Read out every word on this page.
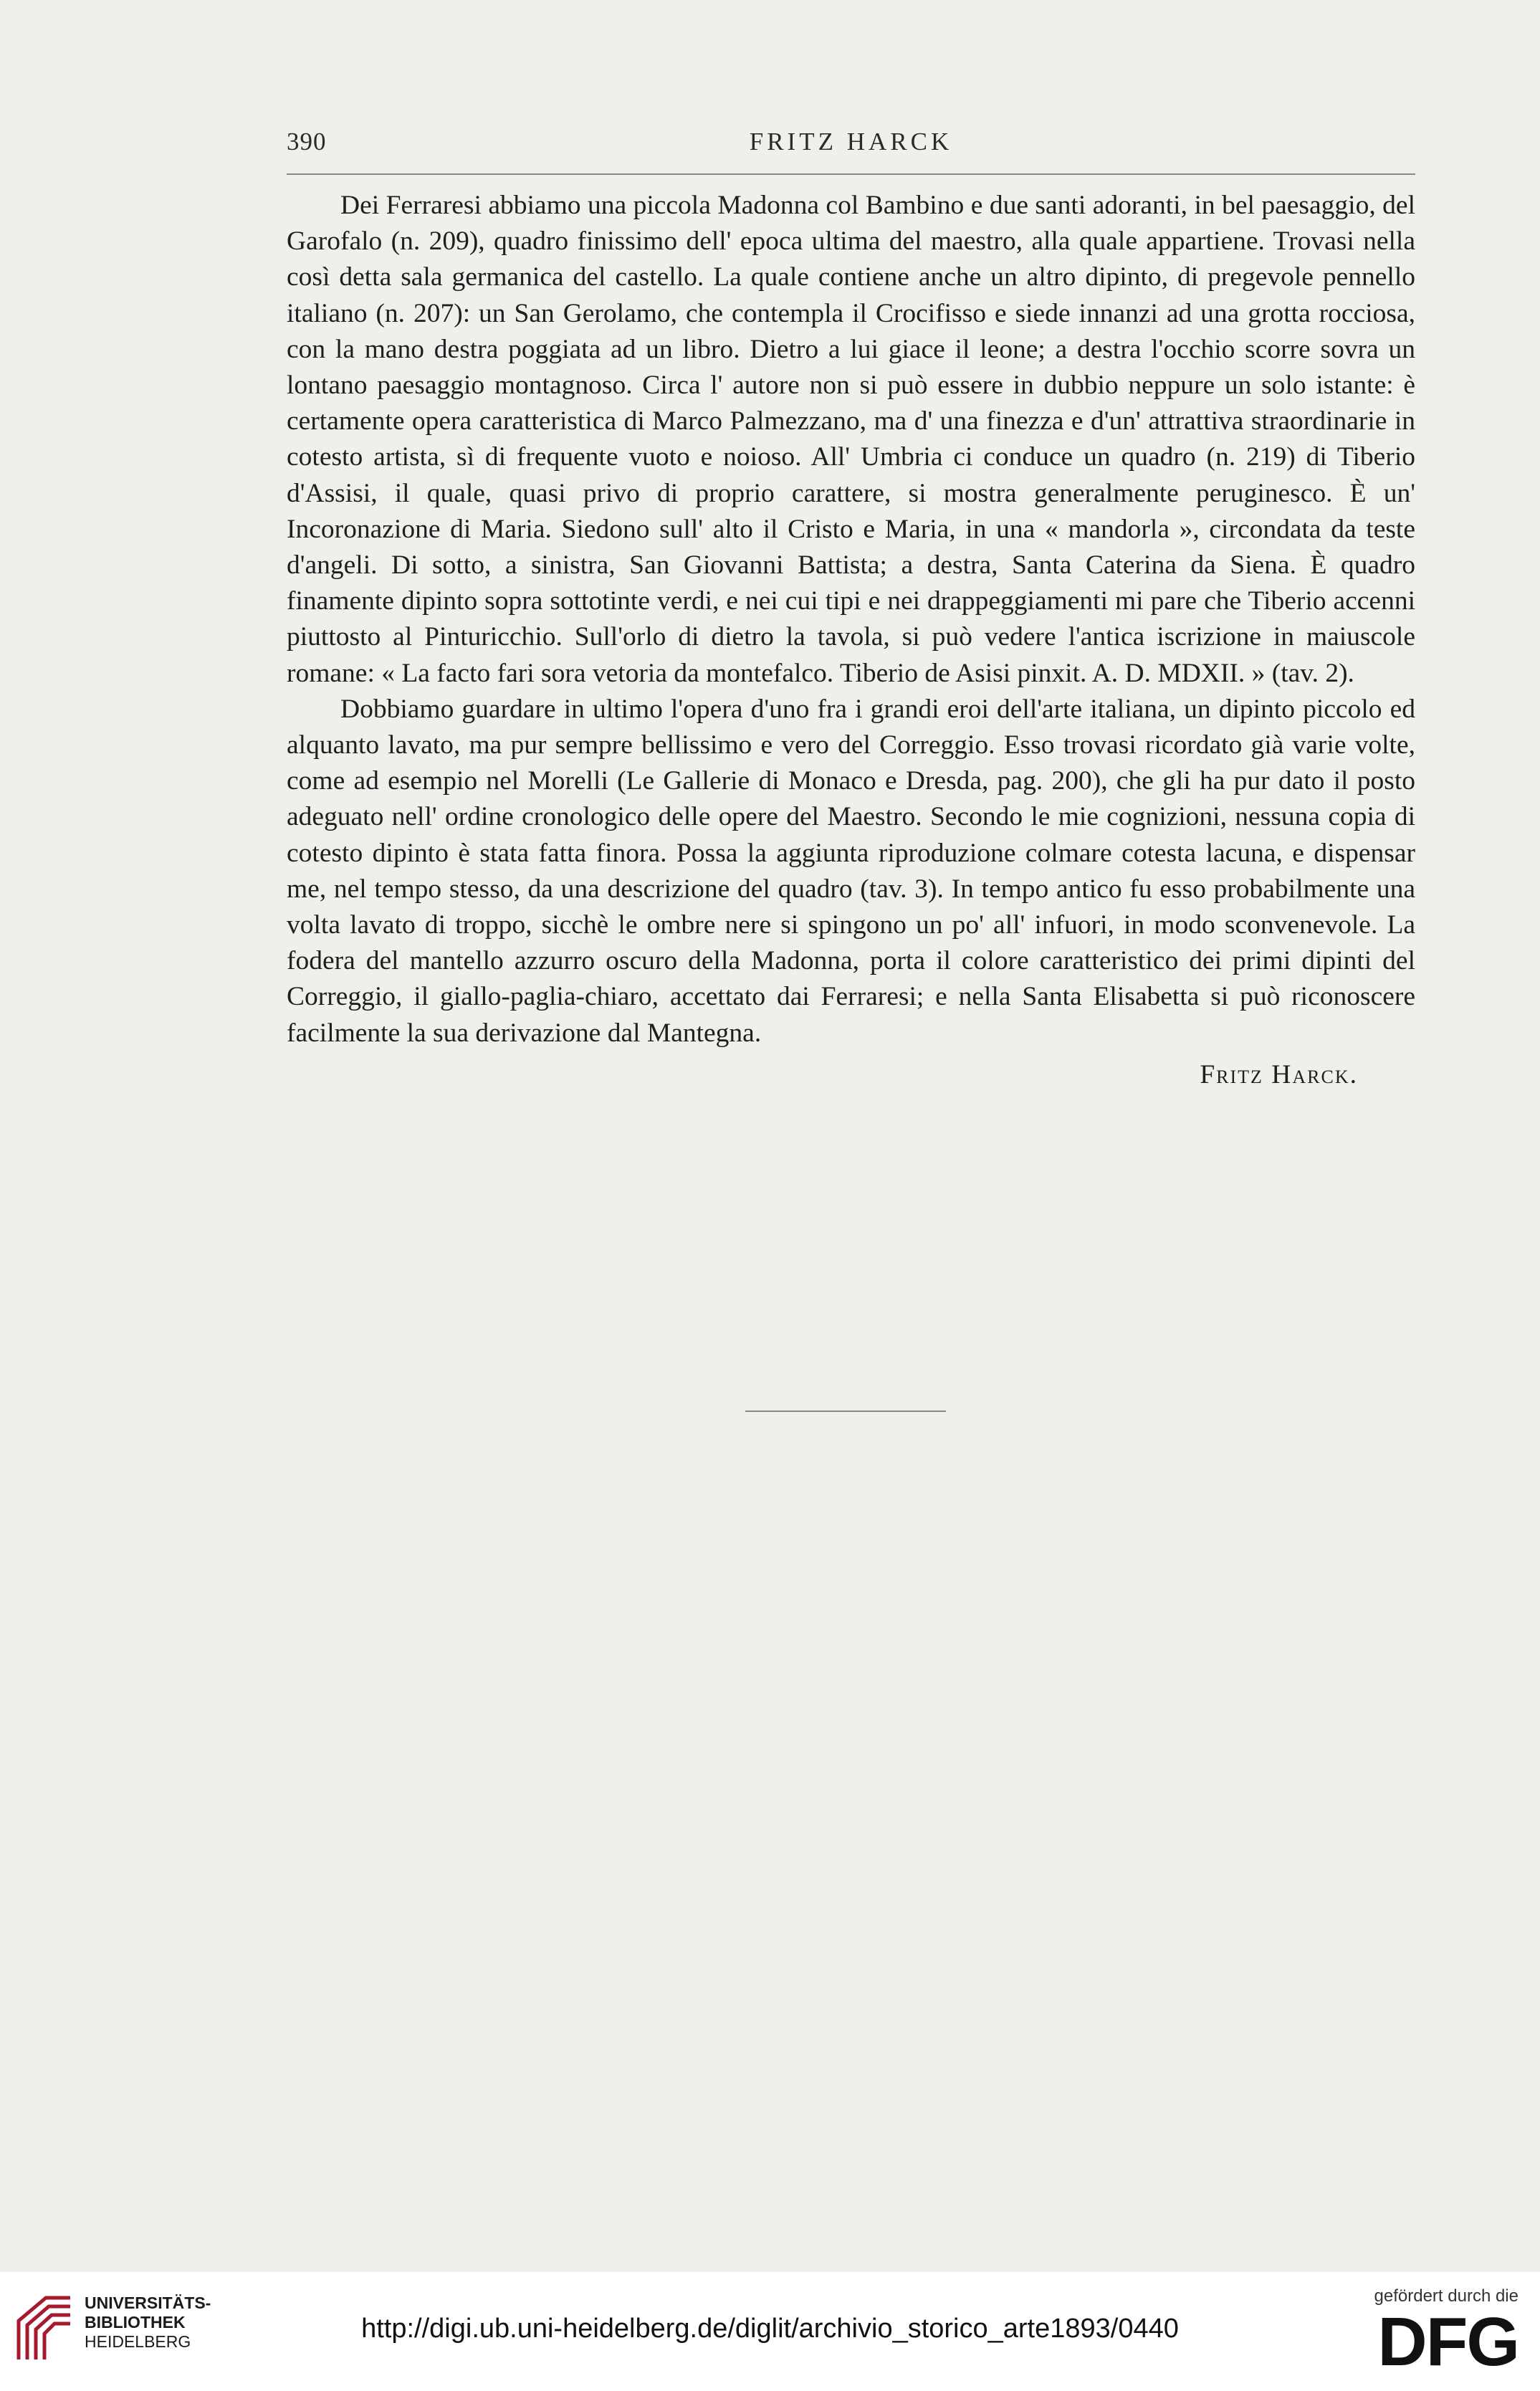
390	FRITZ HARCK

Dei Ferraresi abbiamo una piccola Madonna col Bambino e due santi adoranti, in bel paesaggio, del Garofalo (n. 209), quadro finissimo dell' epoca ultima del maestro, alla quale appartiene. Trovasi nella così detta sala germanica del castello. La quale contiene anche un altro dipinto, di pregevole pennello italiano (n. 207): un San Gerolamo, che contempla il Crocifisso e siede innanzi ad una grotta rocciosa, con la mano destra poggiata ad un libro. Dietro a lui giace il leone; a destra l'occhio scorre sovra un lontano paesaggio montagnoso. Circa l' autore non si può essere in dubbio neppure un solo istante: è certamente opera caratteristica di Marco Palmezzano, ma d' una finezza e d'un' attrattiva straordinarie in cotesto artista, sì di frequente vuoto e noioso. All' Umbria ci conduce un quadro (n. 219) di Tiberio d'Assisi, il quale, quasi privo di proprio carattere, si mostra generalmente peruginesco. È un' Incoronazione di Maria. Siedono sull' alto il Cristo e Maria, in una « mandorla », circondata da teste d'angeli. Di sotto, a sinistra, San Giovanni Battista; a destra, Santa Caterina da Siena. È quadro finamente dipinto sopra sottotinte verdi, e nei cui tipi e nei drappeggiamenti mi pare che Tiberio accenni piuttosto al Pinturicchio. Sull'orlo di dietro la tavola, si può vedere l'antica iscrizione in maiuscole romane: « La facto fari sora vetoria da montefalco. Tiberio de Asisi pinxit. A. D. MDXII. » (tav. 2).

Dobbiamo guardare in ultimo l'opera d'uno fra i grandi eroi dell'arte italiana, un dipinto piccolo ed alquanto lavato, ma pur sempre bellissimo e vero del Correggio. Esso trovasi ricordato già varie volte, come ad esempio nel Morelli (Le Gallerie di Monaco e Dresda, pag. 200), che gli ha pur dato il posto adeguato nell' ordine cronologico delle opere del Maestro. Secondo le mie cognizioni, nessuna copia di cotesto dipinto è stata fatta finora. Possa la aggiunta riproduzione colmare cotesta lacuna, e dispensar me, nel tempo stesso, da una descrizione del quadro (tav. 3). In tempo antico fu esso probabilmente una volta lavato di troppo, sicchè le ombre nere si spingono un po' all' infuori, in modo sconvenevole. La fodera del mantello azzurro oscuro della Madonna, porta il colore caratteristico dei primi dipinti del Correggio, il giallo-paglia-chiaro, accettato dai Ferraresi; e nella Santa Elisabetta si può riconoscere facilmente la sua derivazione dal Mantegna.

Fritz Harck.
UNIVERSITÄTS-
BIBLIOTHEK
HEIDELBERG	http://digi.ub.uni-heidelberg.de/diglit/archivio_storico_arte1893/0440
gefördert durch die
DFG
